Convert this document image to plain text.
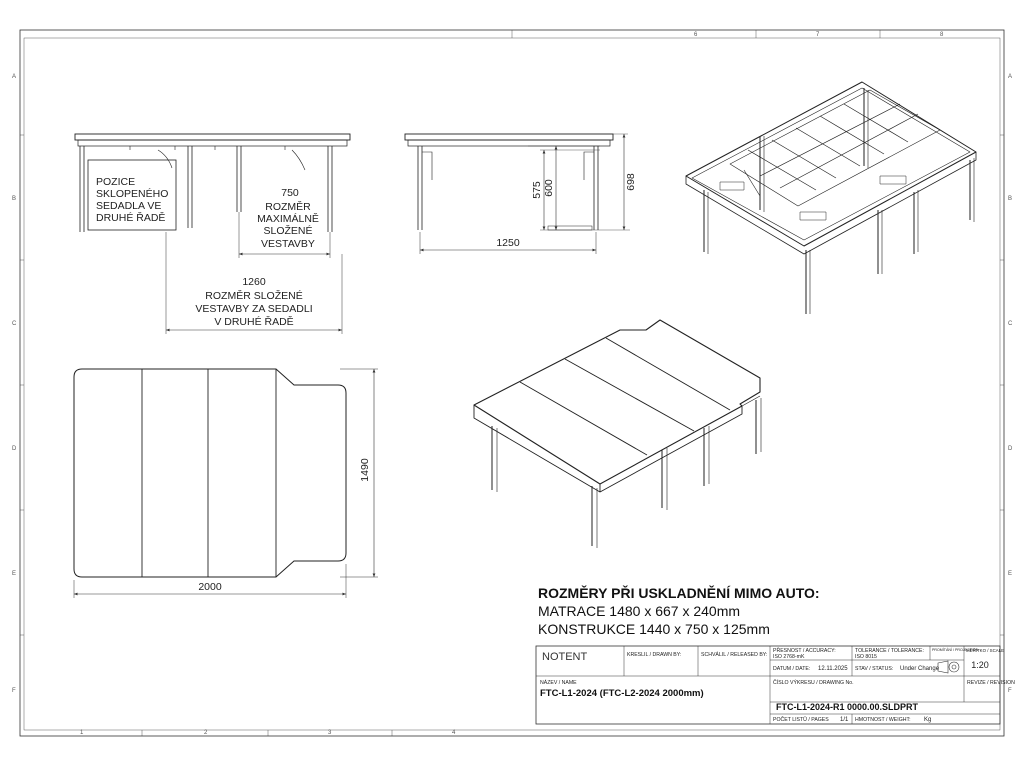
6	7	8
1	2	3	4
A
B
C
D
E
F
A
B
C
D
E
F
POZICE
SKLOPENÉHO
SEDADLA VE
DRUHÉ ŘADĚ
750
ROZMĚR
MAXIMÁLNĚ
SLOŽENÉ
VESTAVBY
1260
ROZMĚR SLOŽENÉ
VESTAVBY ZA SEDADLI
V DRUHÉ ŘADĚ
1250
575 600	698
2000
1490
ROZMĚRY PŘI USKLADNĚNÍ MIMO AUTO:
MATRACE 1480 x 667 x 240mm
KONSTRUKCE 1440 x 750 x 125mm
NOTENT	KRESLIL / DRAWN BY:	SCHVÁLIL / RELEASED BY:
PŘESNOST / ACCURACY:
ISO 2768-mK
TOLERANCE / TOLERANCE:
ISO 8015
PROMÍTÁNÍ / PROJECTION
MĚŘÍTKO / SCALE
1:20
DATUM / DATE: 12.11.2025 STAV / STATUS: Under Change
NÁZEV / NAME
FTC-L1-2024 (FTC-L2-2024 2000mm)
ČÍSLO VÝKRESU / DRAWING No.	REVIZE / REVISION
FTC-L1-2024-R1 0000.00.SLDPRT
POČET LISTŮ / PAGES 1/1 HMOTNOST / WEIGHT: Kg
